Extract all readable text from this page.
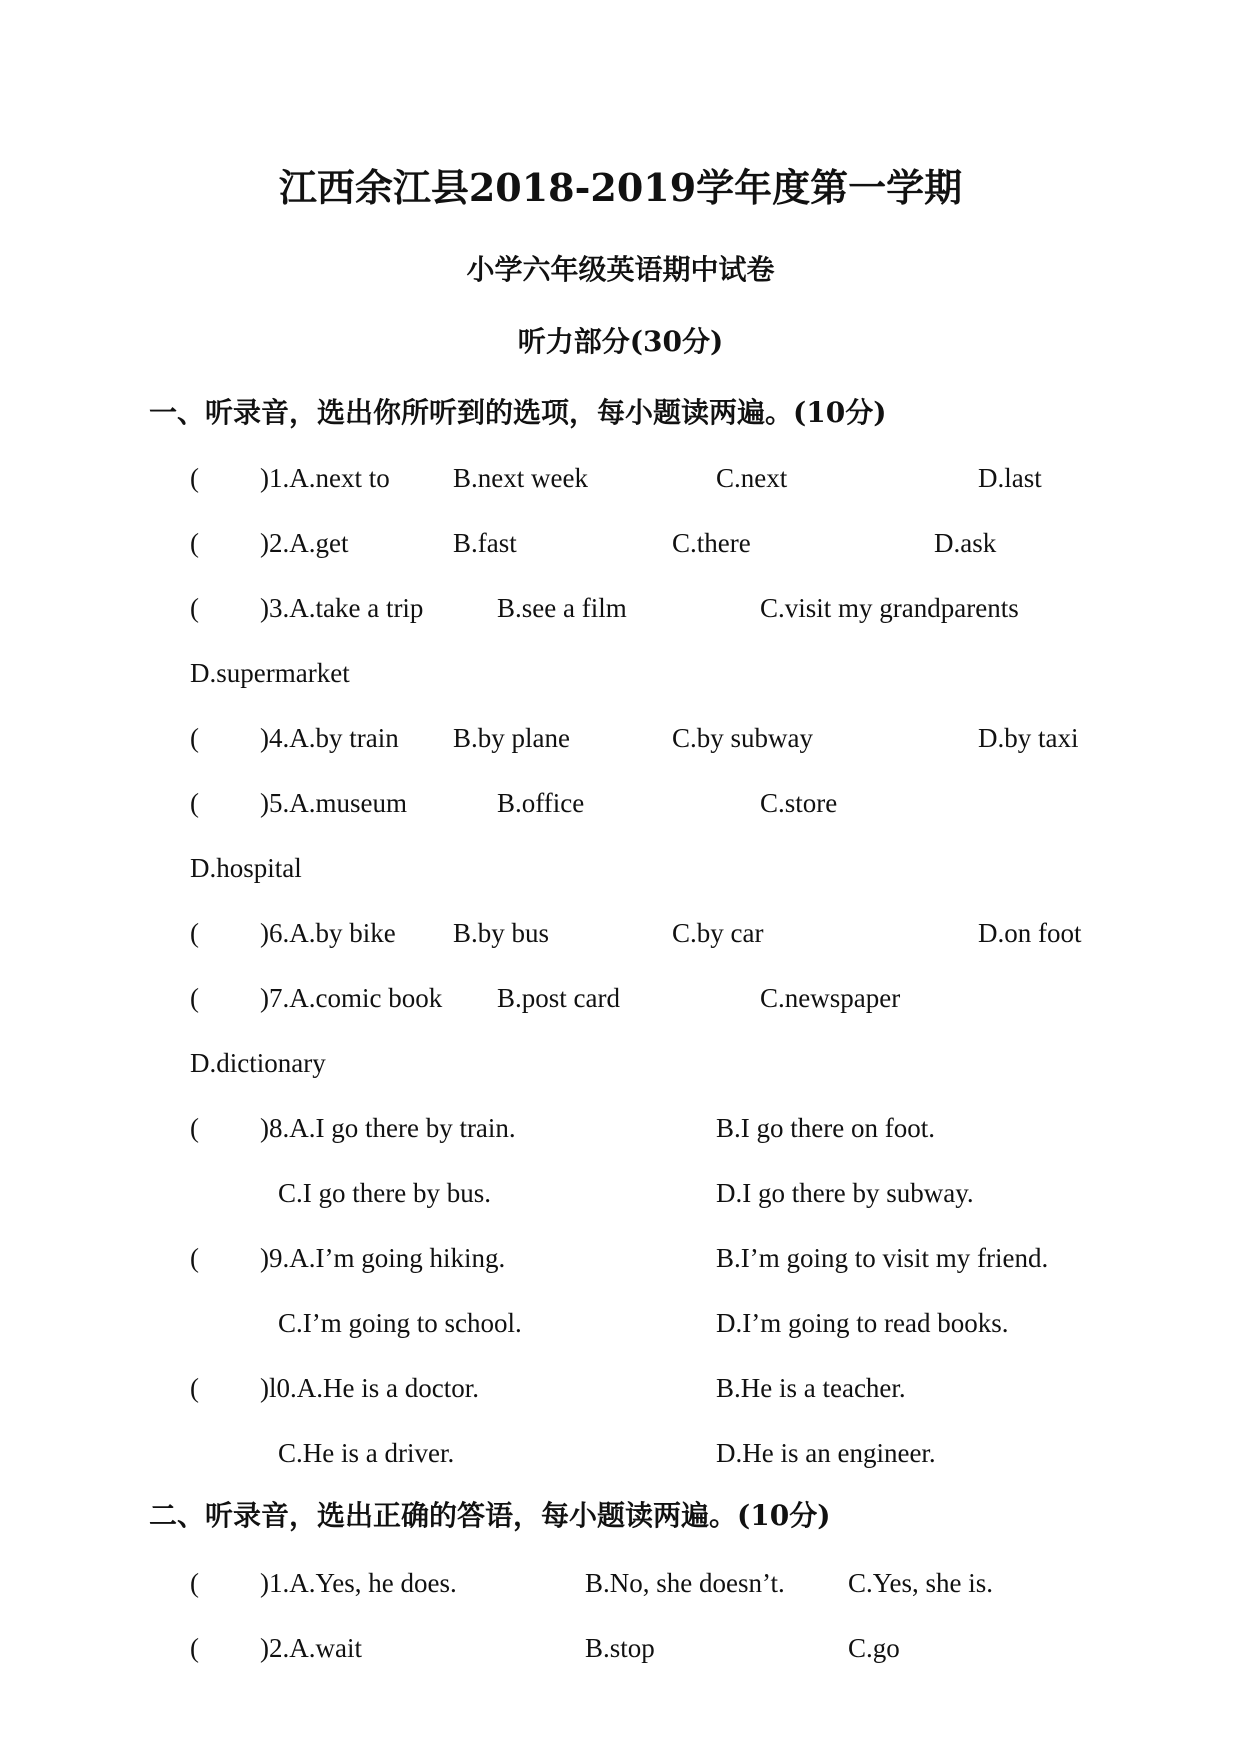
江西余江县2018-2019学年度第一学期
小学六年级英语期中试卷
听力部分(30分)
一、听录音，选出你所听到的选项，每小题读两遍。(10分)
( )1.A.next to B.next week	C.next	D.last
( )2.A.get	B.fast	C.there	D.ask
( )3.A.take a trip	B.see a film	C.visit my grandparents
D.supermarket
( )4.A.by train B.by plane	C.by subway	D.by taxi
( )5.A.museum	B.office	C.store
D.hospital
( )6.A.by bike B.by bus	C.by car	D.on foot
( )7.A.comic book B.post card	C.newspaper
D.dictionary
( )8.A.I go there by train.	B.I go there on foot.
C.I go there by bus.	D.I go there by subway.
( )9.A.I’m going hiking.	B.I’m going to visit my friend.
C.I’m going to school.	D.I’m going to read books.
( )l0.A.He is a doctor.	B.He is a teacher.
C.He is a driver.	D.He is an engineer.
二、听录音，选出正确的答语，每小题读两遍。(10分)
( )1.A.Yes, he does.	B.No, she doesn’t. C.Yes, she is.
( )2.A.wait	B.stop	C.go
